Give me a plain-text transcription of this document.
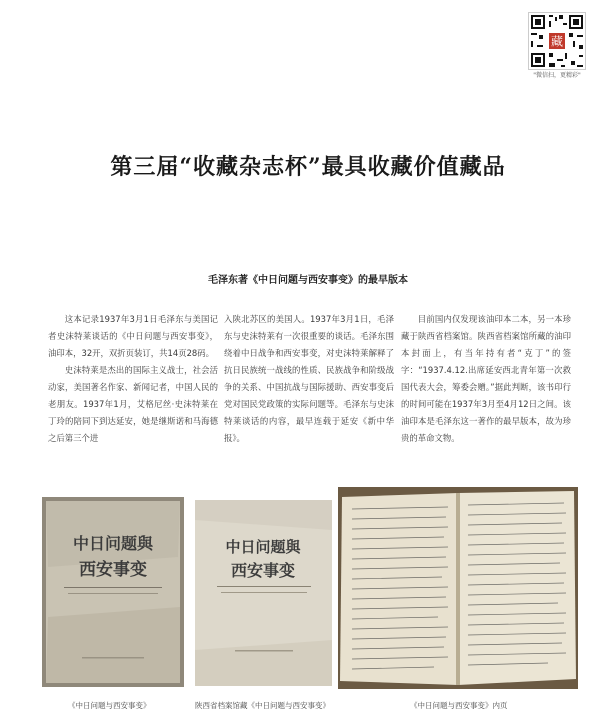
藏
"微信扫，更精彩"
第三届“收藏杂志杯”最具收藏价值藏品
毛泽东著《中日问题与西安事变》的最早版本

这本记录1937年3月1日毛泽东与美国记者史沫特莱谈话的《中日问题与西安事变》，油印本，32开，双折页装订，共14页28码。

史沫特莱是杰出的国际主义战士，社会活动家，美国著名作家、新闻记者，中国人民的老朋友。1937年1月，艾格尼丝·史沫特莱在丁玲的陪同下到达延安，她是继斯诺和马海德之后第三个进

入陕北苏区的美国人。1937年3月1日，毛泽东与史沫特莱有一次很重要的谈话。毛泽东围绕着中日战争和西安事变，对史沫特莱解释了抗日民族统一战线的性质、民族战争和阶级战争的关系、中国抗战与国际援助、西安事变后党对国民党政策的实际问题等。毛泽东与史沫特莱谈话的内容，最早连载于延安《新中华报》。

目前国内仅发现该油印本二本，另一本珍藏于陕西省档案馆。陕西省档案馆所藏的油印本封面上，有当年持有者“克丁”的签字：“1937.4.12.出席延安西北青年第一次救国代表大会，筹委会赠。”据此判断，该书印行的时间可能在1937年3月至4月12日之间。该油印本是毛泽东这一著作的最早版本，故为珍贵的革命文物。

中日问题與
西安事变
中日问题與
西安事变
《中日问题与西安事变》	陕西省档案馆藏《中日问题与西安事变》	《中日问题与西安事变》内页
